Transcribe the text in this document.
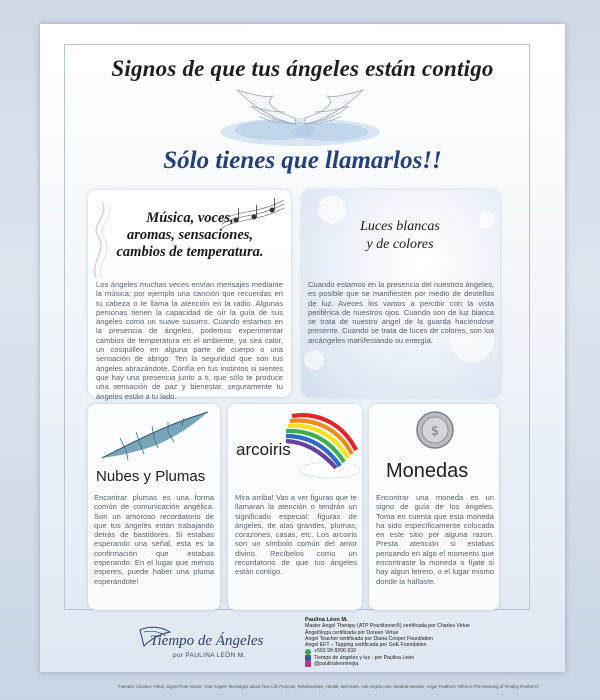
Signos de que tus ángeles están contigo
Sólo tienes que llamarlos!!
Música, voces,
aromas, sensaciones,
cambios de temperatura.
Los ángeles muchas veces envían mensajes mediante la música; por ejemplo una canción que recuerdas en tu cabeza o te llama la atención en la radio. Algunas personas tienen la capacidad de oír la guía de sus ángeles como un suave susurro. Cuando estamos en la presencia de ángeles, podemos experimentar cambios de temperatura en el ambiente, ya sea calor, un cosquilleo en alguna parte de cuerpo o una sensación de abrigo. Ten la seguridad que son tus ángeles abrazándote. Confía en tus instintos si sientes que hay una presencia junto a ti, que sólo te produce una sensación de paz y bienestar, seguramente tu ángeles están a tu lado.
Luces blancas
y de colores
Cuando estamos en la presencia del nuestros ángeles, es posible que se manifiesten por medio de destellos de luz. Aveces los vamos a percibir con la vista periférica de nuestros ojos. Cuando son de luz blanca se trata de nuestro angel de la guarda haciéndose presente. Cuando se trata de luces de colores, son los arcángeles manifestando su energía.
Nubes y Plumas
Encontrar plumas es una forma común de comunicación angélica. Son un amoroso recordatorio de que tus ángeles están trabajando detrás de bastidores. Si estabas esperando una señal, esta es la confirmación que estabas esperando. En el lugar que menos esperes, puede haber una pluma esperándote!
arcoiris
Mira arriba! Vas a ver figuras que te llamaran la atención o tendrán un significado especial: figuras de ángeles, de alas grandes, plumas, corazones, casas, etc. Los arcoiris son un símbolo común del amor divino. Recíbelos como un recordatorio de que tus ángeles están contigo.
$
Monedas
Encontrar una moneda es un signo de guía de los ángeles. Toma en cuenta que esta moneda ha sido específicamente colocada en este sitio por alguna razon. Presta atención si estabas pensando en algo el momento que encontraste la moneda o fíjate si hay algun letrero, o el lugar mismo donde la hallaste.
Tiempo de Ángeles
por PAULINA LEÓN M.
Paulina Léon M.
Master Angel Therapy (ATP Practitioner®) certificada por Charles Virtue
Angelóloga certificada por Doreen Virtue
Angel Teacher certificada por Diana Cooper Foundation
Angel EFT – Tapping certificada por GoE Foundation
+593 99 8206 932
Tiempo de ángeles y luz - por Paulina León
@paulinaleonmejia
Fuentes: Charlies Virtue, Signs From Above: Your Angels' Messages about Your Life Purpose, Relationships, Health, and More. Ask Angels.com. Melanie Beckler, Angel Feathers: What Is The Meaning of Finding Feathers?
